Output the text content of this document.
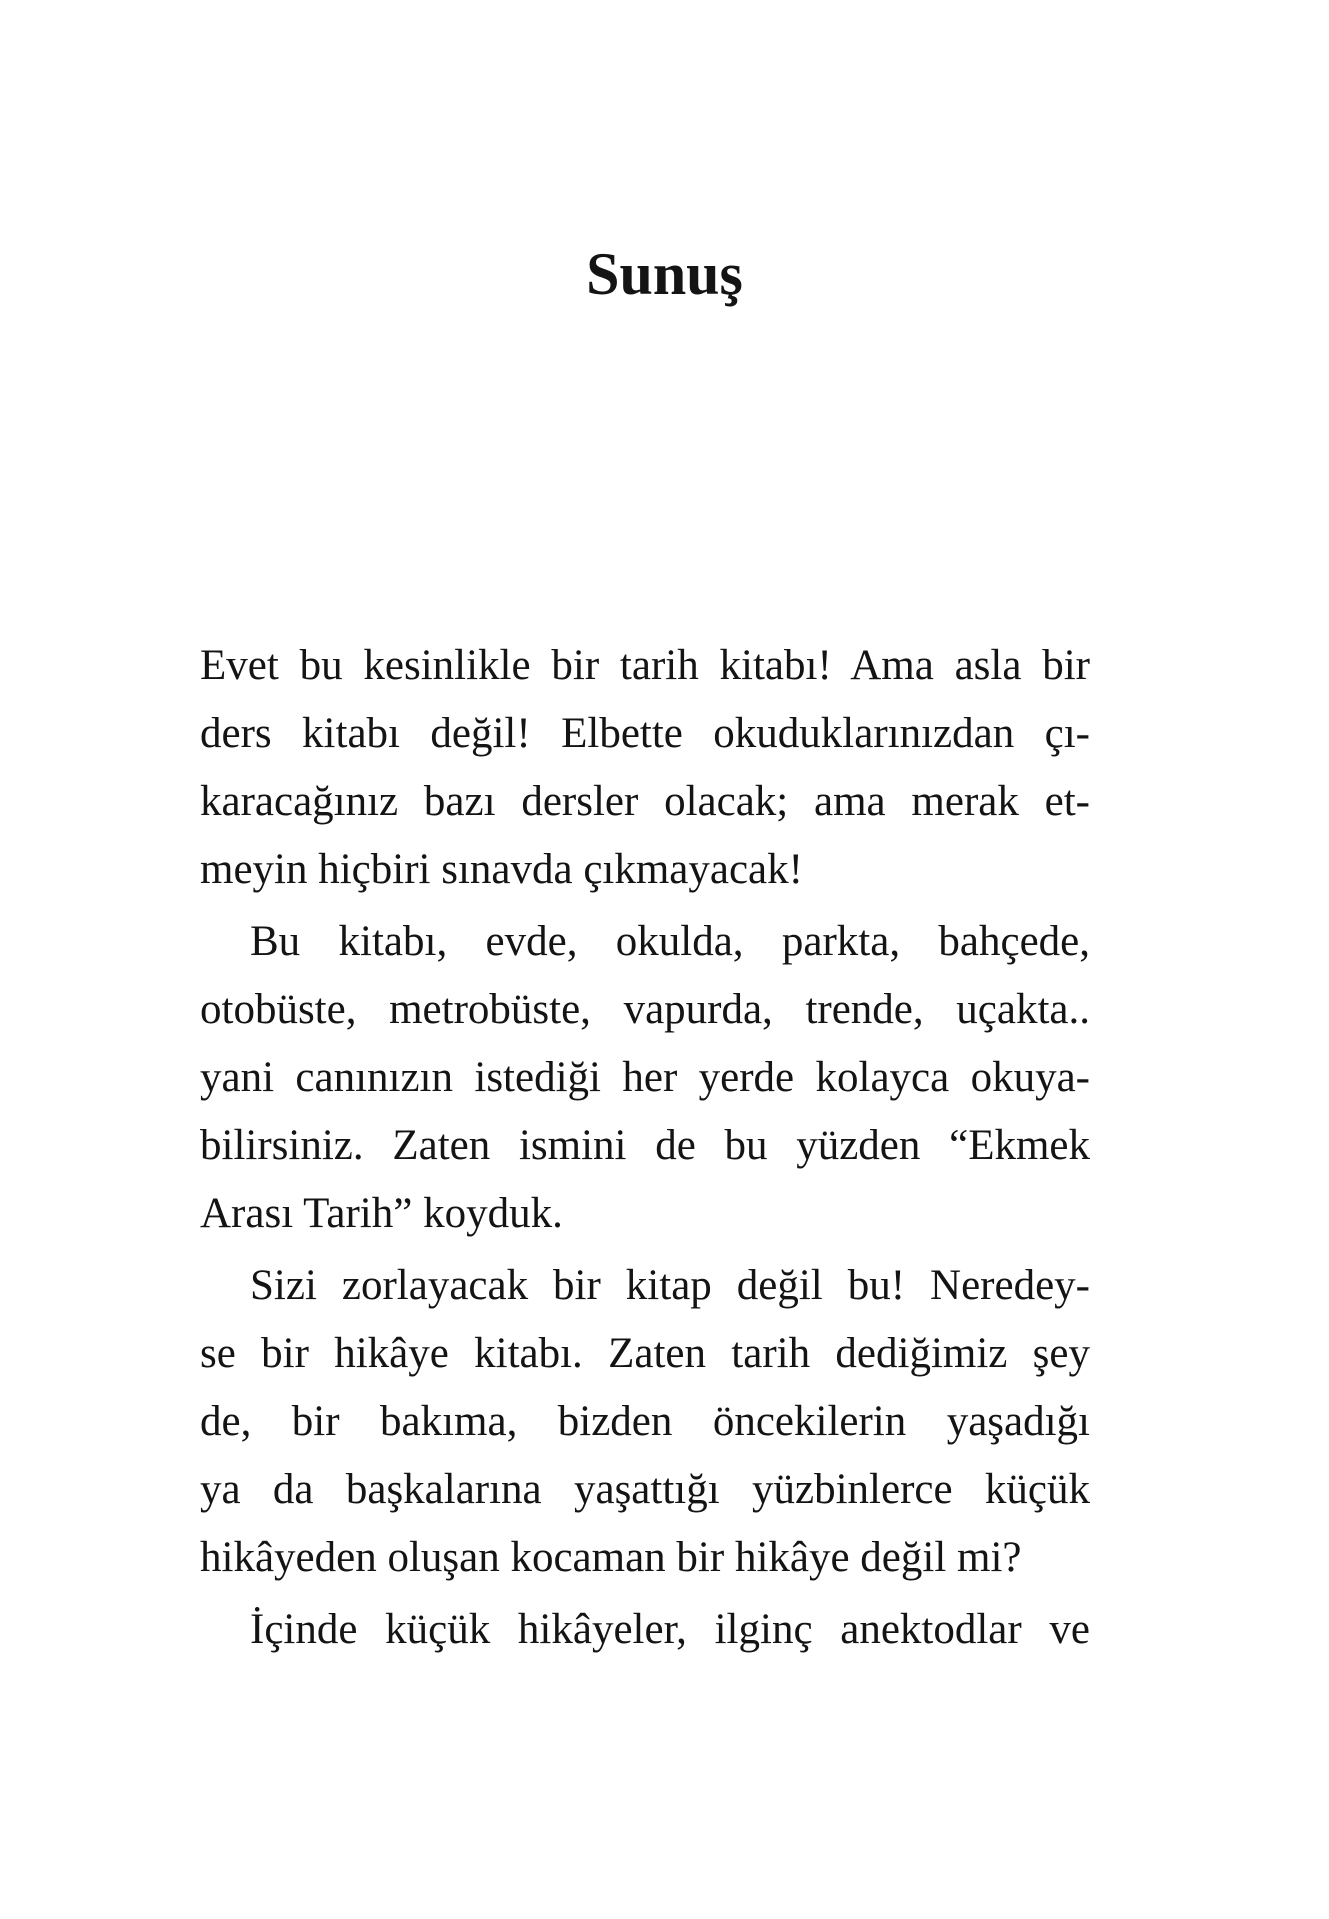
Sunuş
Evet bu kesinlikle bir tarih kitabı! Ama asla bir
ders kitabı değil! Elbette okuduklarınızdan çı-
karacağınız bazı dersler olacak; ama merak et-
meyin hiçbiri sınavda çıkmayacak!
Bu kitabı, evde, okulda, parkta, bahçede,
otobüste, metrobüste, vapurda, trende, uçakta..
yani canınızın istediği her yerde kolayca okuya-
bilirsiniz. Zaten ismini de bu yüzden “Ekmek
Arası Tarih” koyduk.
Sizi zorlayacak bir kitap değil bu! Neredey-
se bir hikâye kitabı. Zaten tarih dediğimiz şey
de, bir bakıma, bizden öncekilerin yaşadığı
ya da başkalarına yaşattığı yüzbinlerce küçük
hikâyeden oluşan kocaman bir hikâye değil mi?
İçinde küçük hikâyeler, ilginç anektodlar ve
